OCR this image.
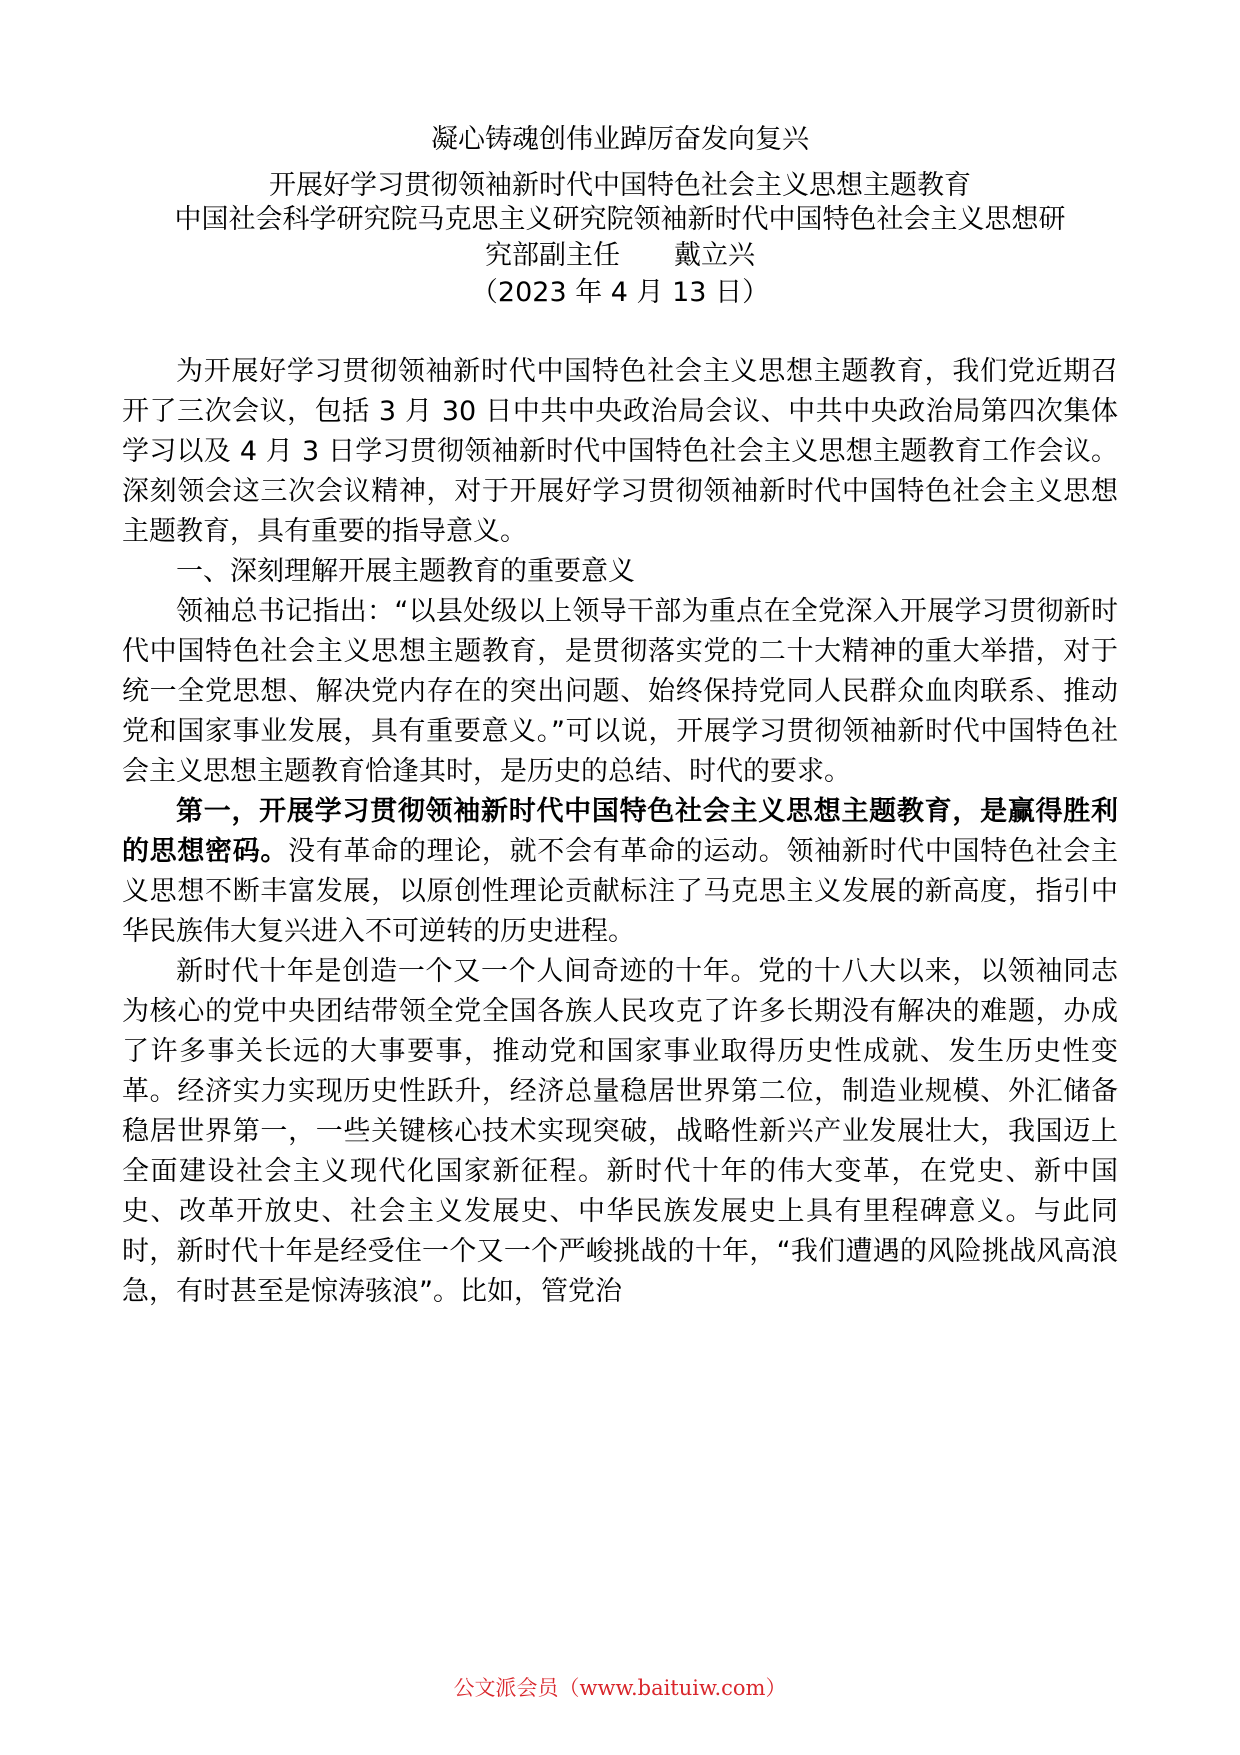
凝心铸魂创伟业踔厉奋发向复兴
开展好学习贯彻领袖新时代中国特色社会主义思想主题教育
中国社会科学研究院马克思主义研究院领袖新时代中国特色社会主义思想研
究部副主任 戴立兴
（2023 年 4 月 13 日）

为开展好学习贯彻领袖新时代中国特色社会主义思想主题教育，我们党近期召开了三次会议，包括 3 月 30 日中共中央政治局会议、中共中央政治局第四次集体学习以及 4 月 3 日学习贯彻领袖新时代中国特色社会主义思想主题教育工作会议。深刻领会这三次会议精神，对于开展好学习贯彻领袖新时代中国特色社会主义思想主题教育，具有重要的指导意义。

一、深刻理解开展主题教育的重要意义

领袖总书记指出：“以县处级以上领导干部为重点在全党深入开展学习贯彻新时代中国特色社会主义思想主题教育，是贯彻落实党的二十大精神的重大举措，对于统一全党思想、解决党内存在的突出问题、始终保持党同人民群众血肉联系、推动党和国家事业发展，具有重要意义。”可以说，开展学习贯彻领袖新时代中国特色社会主义思想主题教育恰逢其时，是历史的总结、时代的要求。

第一，开展学习贯彻领袖新时代中国特色社会主义思想主题教育，是赢得胜利的思想密码。没有革命的理论，就不会有革命的运动。领袖新时代中国特色社会主义思想不断丰富发展，以原创性理论贡献标注了马克思主义发展的新高度，指引中华民族伟大复兴进入不可逆转的历史进程。

新时代十年是创造一个又一个人间奇迹的十年。党的十八大以来，以领袖同志为核心的党中央团结带领全党全国各族人民攻克了许多长期没有解决的难题，办成了许多事关长远的大事要事，推动党和国家事业取得历史性成就、发生历史性变革。经济实力实现历史性跃升，经济总量稳居世界第二位，制造业规模、外汇储备稳居世界第一，一些关键核心技术实现突破，战略性新兴产业发展壮大，我国迈上全面建设社会主义现代化国家新征程。新时代十年的伟大变革，在党史、新中国史、改革开放史、社会主义发展史、中华民族发展史上具有里程碑意义。与此同时，新时代十年是经受住一个又一个严峻挑战的十年，“我们遭遇的风险挑战风高浪急，有时甚至是惊涛骇浪”。比如，管党治

公文派会员（www.baituiw.com）
